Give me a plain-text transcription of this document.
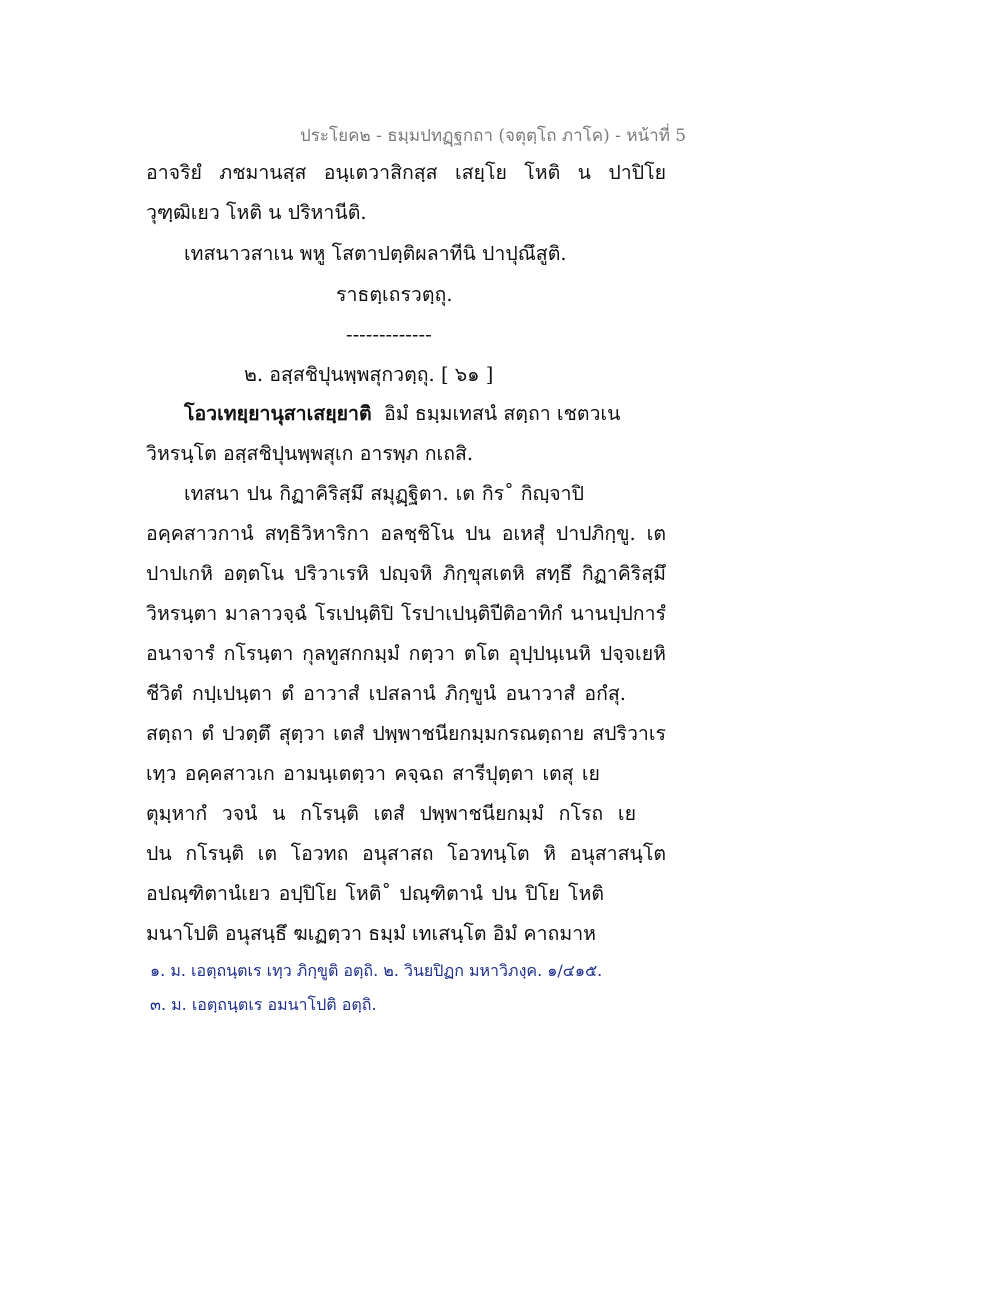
ประโยค๒ - ธมฺมปทฏฺฐกถา (จตุตฺโถ ภาโค) - หน้าที่ 5
อาจริยํ ภชมานสฺส อนฺเตวาสิกสฺส เสยฺโย โหติ น ปาปิโย
วุฑฺฒิเยว โหติ น ปริหานีติ.
เทสนาวสาเน พหู โสตาปตฺติผลาทีนิ ปาปุณึสูติ.
ราธตฺเถรวตฺถุ.
-------------
๒. อสฺสชิปุนพฺพสุกวตฺถุ. [ ๖๑ ]
โอวเทยฺยานุสาเสยฺยาติ อิมํ ธมฺมเทสนํ สตฺถา เชตวเน
วิหรนฺโต อสฺสชิปุนพฺพสุเก อารพฺภ กเถสิ.
เทสนา ปน กิฏาคิริสฺมึ สมุฏฺฐิตา. เต กิร˚ กิญฺจาปิ
อคฺคสาวกานํ สทฺธิวิหาริกา อลชฺชิโน ปน อเหสุํ ปาปภิกฺขู. เต
ปาปเกหิ อตฺตโน ปริวาเรหิ ปญฺจหิ ภิกฺขุสเตหิ สทฺธึ กิฏาคิริสฺมึ
วิหรนฺตา มาลาวจฺฉํ โรเปนฺติปิ โรปาเปนฺติปีติอาทิกํ นานปฺปการํ
อนาจารํ กโรนฺตา กุลทูสกกมฺมํ กตฺวา ตโต อุปฺปนฺเนหิ ปจฺจเยหิ
ชีวิตํ กปฺเปนฺตา ตํ อาวาสํ เปสลานํ ภิกฺขูนํ อนาวาสํ อกํสุ.
สตฺถา ตํ ปวตฺตึ สุตฺวา เตสํ ปพฺพาชนียกมฺมกรณตฺถาย สปริวาเร
เทฺว อคฺคสาวเก อามนฺเตตฺวา คจฺฉถ สารีปุตฺตา เตสุ เย
ตุมฺหากํ วจนํ น กโรนฺติ เตสํ ปพฺพาชนียกมฺมํ กโรถ เย
ปน กโรนฺติ เต โอวทถ อนุสาสถ โอวทนฺโต หิ อนุสาสนฺโต
อปณฺฑิตานํเยว อปฺปิโย โหติ˚ ปณฺฑิตานํ ปน ปิโย โหติ
มนาโปติ อนุสนฺธึ ฆเฏตฺวา ธมฺมํ เทเสนฺโต อิมํ คาถมาห
๑. ม. เอตฺถนฺตเร เทฺว ภิกฺขูติ อตฺถิ. ๒. วินยปิฏก มหาวิภงฺค. ๑/๔๑๕.
๓. ม. เอตฺถนฺตเร อมนาโปติ อตฺถิ.
